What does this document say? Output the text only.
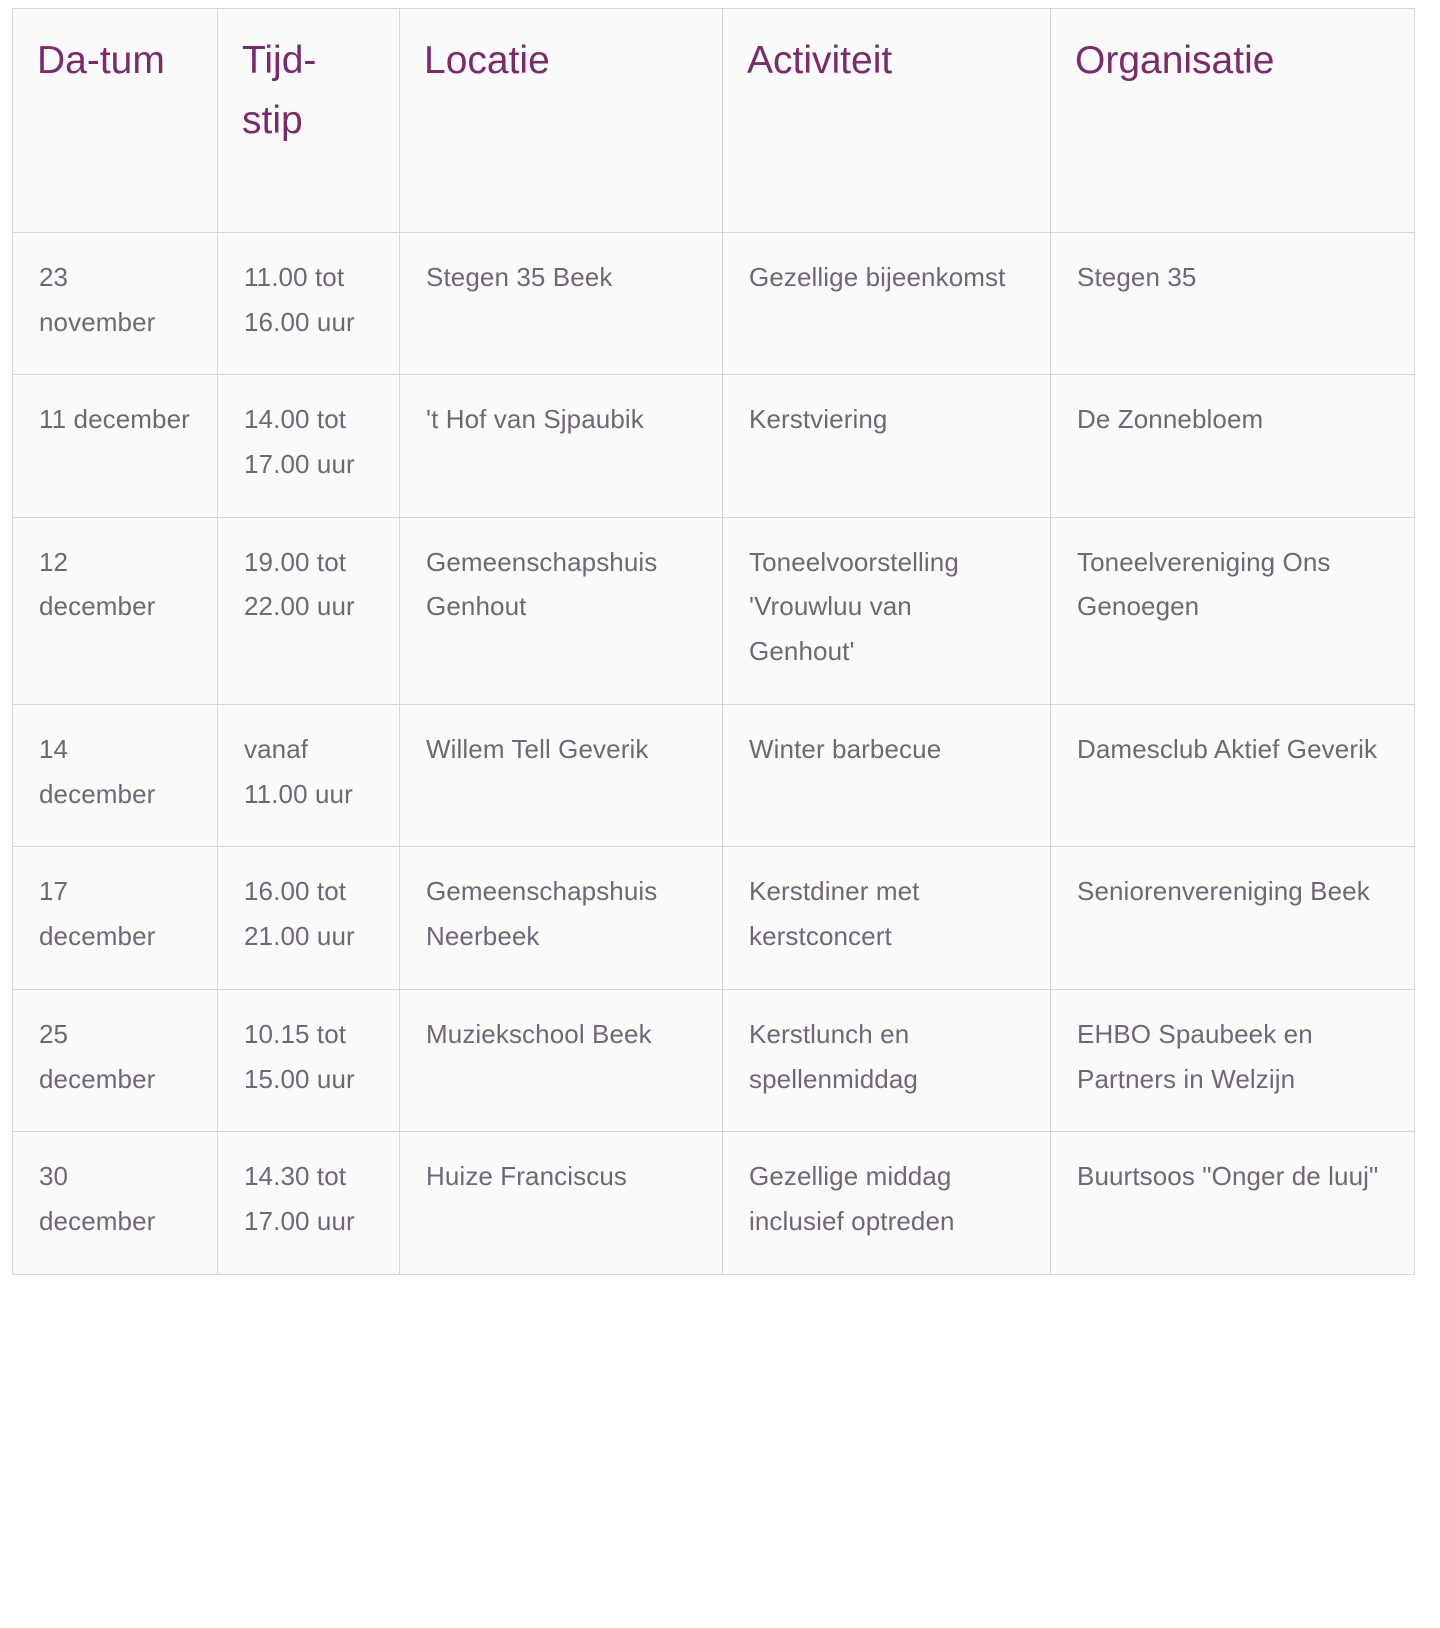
Da-tum	Tijd-stip	Locatie	Activiteit	Organisatie
23 november	11.00 tot 16.00 uur	Stegen 35 Beek	Gezellige bijeenkomst	Stegen 35
11 december	14.00 tot 17.00 uur	't Hof van Sjpaubik	Kerstviering	De Zonnebloem
12 december	19.00 tot 22.00 uur	Gemeenschapshuis Genhout	Toneelvoorstelling 'Vrouwluu van Genhout'	Toneelvereniging Ons Genoegen
14 december	vanaf 11.00 uur	Willem Tell Geverik	Winter barbecue	Damesclub Aktief Geverik
17 december	16.00 tot 21.00 uur	Gemeenschapshuis Neerbeek	Kerstdiner met kerstconcert	Seniorenvereniging Beek
25 december	10.15 tot 15.00 uur	Muziekschool Beek	Kerstlunch en spellenmiddag	EHBO Spaubeek en Partners in Welzijn
30 december	14.30 tot 17.00 uur	Huize Franciscus	Gezellige middag inclusief optreden	Buurtsoos "Onger de luuj"
